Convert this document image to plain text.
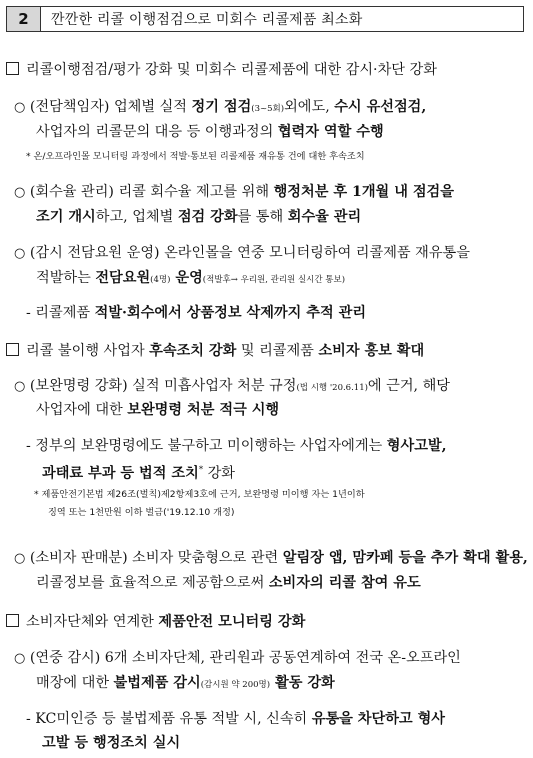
2	깐깐한 리콜 이행점검으로 미회수 리콜제품 최소화
리콜이행점검/평가 강화 및 미회수 리콜제품에 대한 감시·차단 강화
○ (전담책임자) 업체별 실적 정기 점검(3~5회)외에도, 수시 유선점검,
사업자의 리콜문의 대응 등 이행과정의 협력자 역할 수행
* 온/오프라인몰 모니터링 과정에서 적발·통보된 리콜제품 재유통 건에 대한 후속조치
○ (회수율 관리) 리콜 회수율 제고를 위해 행정처분 후 1개월 내 점검을
조기 개시하고, 업체별 점검 강화를 통해 회수율 관리
○ (감시 전담요원 운영) 온라인몰을 연중 모니터링하여 리콜제품 재유통을
적발하는 전담요원(4명) 운영(적발후→ 우리원, 관리원 실시간 통보)
- 리콜제품 적발·회수에서 상품정보 삭제까지 추적 관리
리콜 불이행 사업자 후속조치 강화 및 리콜제품 소비자 홍보 확대
○ (보완명령 강화) 실적 미흡사업자 처분 규정(법 시행 '20.6.11)에 근거, 해당
사업자에 대한 보완명령 처분 적극 시행
- 정부의 보완명령에도 불구하고 미이행하는 사업자에게는 형사고발,
과태료 부과 등 법적 조치* 강화
* 제품안전기본법 제26조(벌칙)제2항제3호에 근거, 보완명령 미이행 자는 1년이하
징역 또는 1천만원 이하 벌금('19.12.10 개정)
○ (소비자 판매분) 소비자 맞춤형으로 관련 알림장 앱, 맘카페 등을 추가 확대 활용,
리콜정보를 효율적으로 제공함으로써 소비자의 리콜 참여 유도
소비자단체와 연계한 제품안전 모니터링 강화
○ (연중 감시) 6개 소비자단체, 관리원과 공동연계하여 전국 온-오프라인
매장에 대한 불법제품 감시(감시원 약 200명) 활동 강화
- KC미인증 등 불법제품 유통 적발 시, 신속히 유통을 차단하고 형사
고발 등 행정조치 실시
